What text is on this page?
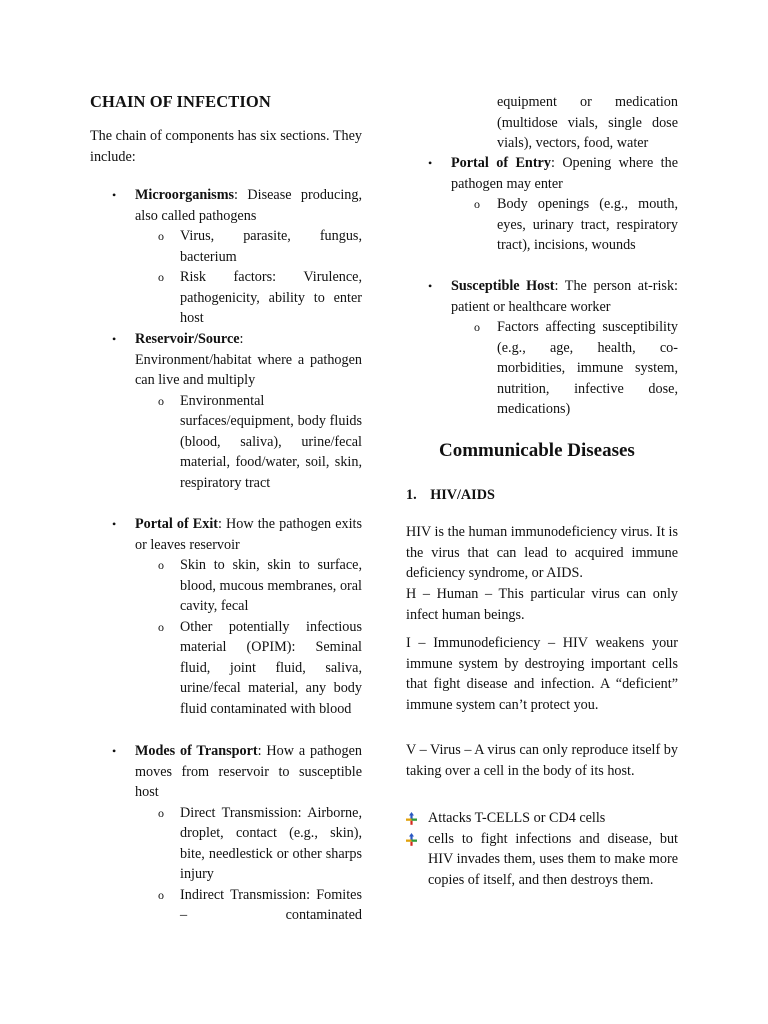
CHAIN OF INFECTION

The chain of components has six sections. They include:

• Microorganisms: Disease producing, also called pathogens
o Virus, parasite, fungus, bacterium
o Risk factors: Virulence, pathogenicity, ability to enter host
• Reservoir/Source: Environment/habitat where a pathogen can live and multiply
o Environmental surfaces/equipment, body fluids (blood, saliva), urine/fecal material, food/water, soil, skin, respiratory tract
• Portal of Exit: How the pathogen exits or leaves reservoir
o Skin to skin, skin to surface, blood, mucous membranes, oral cavity, fecal
o Other potentially infectious material (OPIM): Seminal fluid, joint fluid, saliva, urine/fecal material, any body fluid contaminated with blood
• Modes of Transport: How a pathogen moves from reservoir to susceptible host
o Direct Transmission: Airborne, droplet, contact (e.g., skin), bite, needlestick or other sharps injury
o Indirect Transmission: Fomites – contaminated
equipment or medication (multidose vials, single dose vials), vectors, food, water
• Portal of Entry: Opening where the pathogen may enter
o Body openings (e.g., mouth, eyes, urinary tract, respiratory tract), incisions, wounds
• Susceptible Host: The person at-risk: patient or healthcare worker
o Factors affecting susceptibility (e.g., age, health, co-morbidities, immune system, nutrition, infective dose, medications)
Communicable Diseases
1. HIV/AIDS

HIV is the human immunodeficiency virus. It is the virus that can lead to acquired immune deficiency syndrome, or AIDS.

H – Human – This particular virus can only infect human beings.

I – Immunodeficiency – HIV weakens your immune system by destroying important cells that fight disease and infection. A “deficient” immune system can’t protect you.

V – Virus – A virus can only reproduce itself by taking over a cell in the body of its host.

Attacks T-CELLS or CD4 cells
cells to fight infections and disease, but HIV invades them, uses them to make more copies of itself, and then destroys them.
